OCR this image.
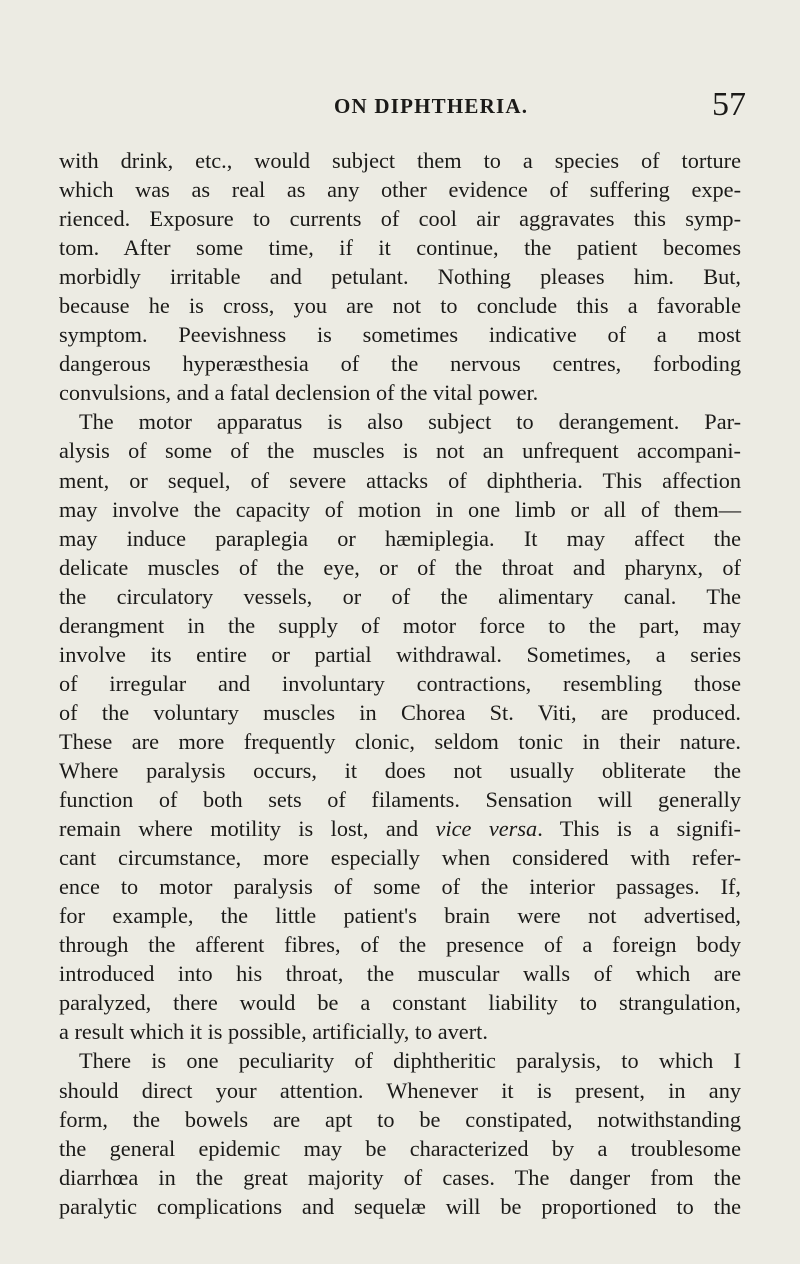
ON DIPHTHERIA.	57
with drink, etc., would subject them to a species of torture
which was as real as any other evidence of suffering expe-
rienced. Exposure to currents of cool air aggravates this symp-
tom. After some time, if it continue, the patient becomes
morbidly irritable and petulant. Nothing pleases him. But,
because he is cross, you are not to conclude this a favorable
symptom. Peevishness is sometimes indicative of a most
dangerous hyperæsthesia of the nervous centres, forboding
convulsions, and a fatal declension of the vital power.
The motor apparatus is also subject to derangement. Par-
alysis of some of the muscles is not an unfrequent accompani-
ment, or sequel, of severe attacks of diphtheria. This affection
may involve the capacity of motion in one limb or all of them—
may induce paraplegia or hæmiplegia. It may affect the
delicate muscles of the eye, or of the throat and pharynx, of
the circulatory vessels, or of the alimentary canal. The
derangment in the supply of motor force to the part, may
involve its entire or partial withdrawal. Sometimes, a series
of irregular and involuntary contractions, resembling those
of the voluntary muscles in Chorea St. Viti, are produced.
These are more frequently clonic, seldom tonic in their nature.
Where paralysis occurs, it does not usually obliterate the
function of both sets of filaments. Sensation will generally
remain where motility is lost, and vice versa. This is a signifi-
cant circumstance, more especially when considered with refer-
ence to motor paralysis of some of the interior passages. If,
for example, the little patient's brain were not advertised,
through the afferent fibres, of the presence of a foreign body
introduced into his throat, the muscular walls of which are
paralyzed, there would be a constant liability to strangulation,
a result which it is possible, artificially, to avert.
There is one peculiarity of diphtheritic paralysis, to which I
should direct your attention. Whenever it is present, in any
form, the bowels are apt to be constipated, notwithstanding
the general epidemic may be characterized by a troublesome
diarrhœa in the great majority of cases. The danger from the
paralytic complications and sequelæ will be proportioned to the
